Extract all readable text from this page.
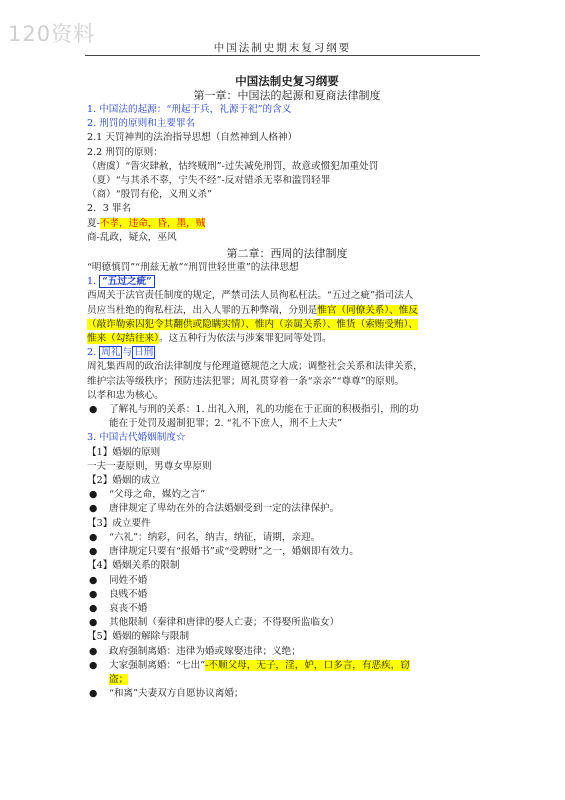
120资料
中国法制史期末复习纲要

中国法制史复习纲要

第一章：中国法的起源和夏商法律制度

1. 中国法的起源：“刑起于兵，礼源于祀”的含义

2. 刑罚的原则和主要罪名

2.1 天罚神判的法治指导思想（自然神到人格神）

2.2 刑罚的原则：

（唐虞）“眚灾肆赦，怙终贼刑”-过失减免刑罚，故意或惯犯加重处罚

（夏）“与其杀不辜，宁失不经”-反对错杀无辜和滥罚轻罪

（商）“殷罚有伦，义刑义杀”

2．3 罪名

夏-不孝，违命，昏，墨，贼

商-乱政，疑众，巫风

第二章：西周的法律制度

“明德慎罚”“刑兹无赦”“刑罚世轻世重”的法律思想

1. “五过之疵”

西周关于法官责任制度的规定，严禁司法人员徇私枉法。“五过之疵”指司法人

员应当杜绝的徇私枉法，出入人罪的五种弊端，分别是惟官（同僚关系）、惟反

（敲诈勒索囚犯令其翻供或隐瞒实情）、惟内（亲属关系）、惟货（索贿受贿）、

惟来（勾结往来）。这五种行为依法与涉案罪犯同等处罚。

2. 周礼 与 日刑

周礼集西周的政治法律制度与伦理道德规范之大成；调整社会关系和法律关系，

维护宗法等级秩序；预防违法犯罪；周礼贯穿着一条“亲亲”“尊尊”的原则。

以孝和忠为核心。

● 了解礼与刑的关系：1. 出礼入刑，礼的功能在于正面的积极指引，刑的功

能在于处罚及遏制犯罪；2. “礼不下庶人，刑不上大夫”

3. 中国古代婚姻制度☆

【1】婚姻的原则

一夫一妻原则，男尊女卑原则

【2】婚姻的成立

● “父母之命，媒妁之言”

● 唐律规定了卑幼在外的合法婚姻受到一定的法律保护。

【3】成立要件

● “六礼”：纳彩，问名，纳吉，纳征，请期，亲迎。

● 唐律规定只要有“报婚书”或“受聘财”之一，婚姻即有效力。

【4】婚姻关系的限制

● 同姓不婚

● 良贱不婚

● 哀丧不婚

● 其他限制（秦律和唐律的娶人亡妻；不得娶所监临女）

【5】婚姻的解除与限制

● 政府强制离婚：违律为婚或嫁娶违律；义绝；

● 大家强制离婚：“七出”-不顺父母，无子，淫，妒，口多言，有恶疾，窃

盗；

● “和离”夫妻双方自愿协议离婚；
